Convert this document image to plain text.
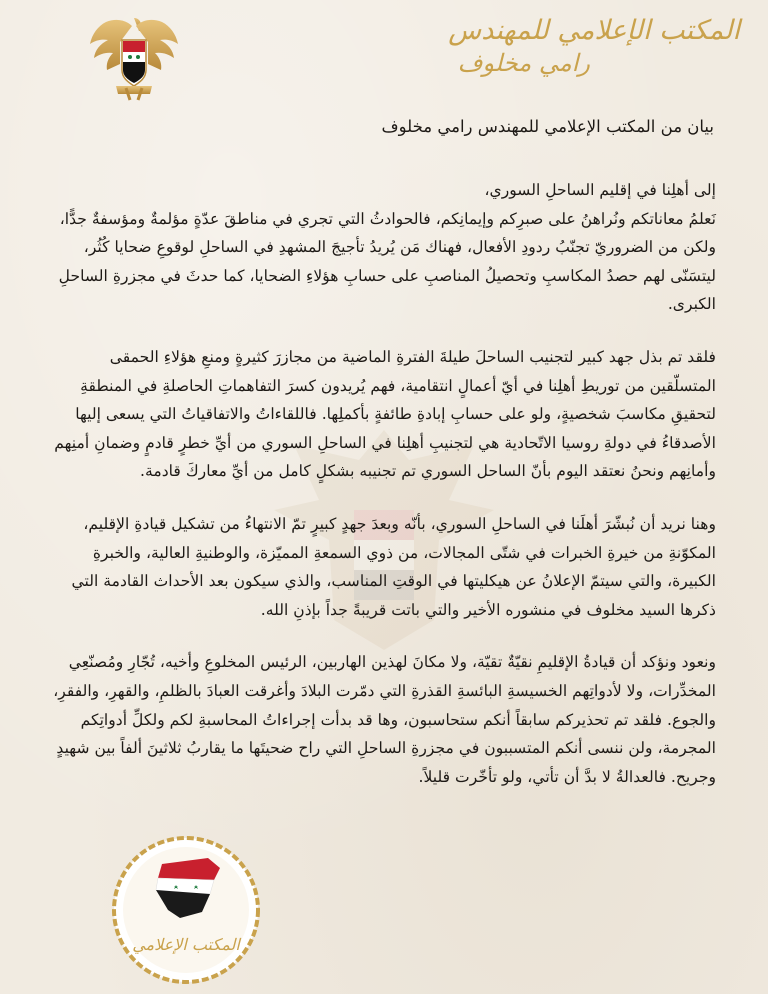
المكتب الإعلامي للمهندس
رامي مخلوف
بيان من المكتب الإعلامي للمهندس رامي مخلوف

إلى أهلِنا في إقليم الساحلِ السوري،

نَعلمُ معاناتكم ونُراهنُ على صبرِكم وإيمانِكم، فالحوادثُ التي تجري في مناطقَ عدّةٍ مؤلمةٌ ومؤسفةٌ جدًّا، ولكن من الضروريّ تجنّبُ ردودِ الأفعال، فهناك مَن يُريدُ تأجيجَ المشهدِ في الساحلِ لوقوعِ ضحايا كُثُر، ليتسَنّى لهم حصدُ المكاسبِ وتحصيلُ المناصبِ على حسابِ هؤلاءِ الضحايا، كما حدثَ في مجزرةِ الساحلِ الكبرى.

فلقد تم بذل جهد كبير لتجنيب الساحلَ طيلةَ الفترةِ الماضية من مجازرَ كثيرةٍ ومنعِ هؤلاءِ الحمقى المتسلّقين من توريطِ أهلِنا في أيّ أعمالٍ انتقامية، فهم يُريدون كسرَ التفاهماتِ الحاصلةِ في المنطقةِ لتحقيقِ مكاسبَ شخصيةٍ، ولو على حسابِ إبادةِ طائفةٍ بأكملِها. فاللقاءاتُ والاتفاقياتُ التي يسعى إليها الأصدقاءُ في دولةِ روسيا الاتّحادية هي لتجنيبِ أهلِنا في الساحلِ السوري من أيِّ خطرٍ قادمٍ وضمانِ أمنِهم وأمانِهم ونحنُ نعتقد اليوم بأنّ الساحل السوري تم تجنيبه بشكلٍ كامل من أيِّ معاركَ قادمة.

وهنا نريد أن نُبشّرَ أهلَنا في الساحلِ السوري، بأنّه وبعدَ جهدٍ كبيرٍ تمّ الانتهاءُ من تشكيل قيادةِ الإقليم، المكوّنةِ من خيرةِ الخبرات في شتّى المجالات، من ذوي السمعةِ المميّزة، والوطنيةِ العالية، والخبرةِ الكبيرة، والتي سيتمّ الإعلانُ عن هيكليتها في الوقتِ المناسب، والذي سيكون بعد الأحداث القادمة التي ذكرها السيد مخلوف في منشوره الأخير والتي باتت قريبةً جداً بإذنِ الله.

ونعود ونؤكد أن قيادةُ الإقليمِ نقيّةٌ تقيّة، ولا مكانَ لهذين الهاربين، الرئيس المخلوعِ وأخيه، تُجّارِ ومُصنّعِي المخدِّرات، ولا لأدواتِهم الخسيسةِ البائسةِ القذرةِ التي دمّرت البلادَ وأغرقت العبادَ بالظلمِ، والقهرِ، والفقرِ، والجوع. فلقد تم تحذيركم سابقاً أنكم ستحاسبون، وها قد بدأت إجراءاتُ المحاسبةِ لكم ولكلِّ أدواتِكم المجرمة، ولن ننسى أنكم المتسببون في مجزرةِ الساحلِ التي راح ضحيتَها ما يقاربُ ثلاثينَ ألفاً بين شهيدٍ وجريح. فالعدالةُ لا بدَّ أن تأتي، ولو تأخّرت قليلاً.

المكتب الإعلامي
